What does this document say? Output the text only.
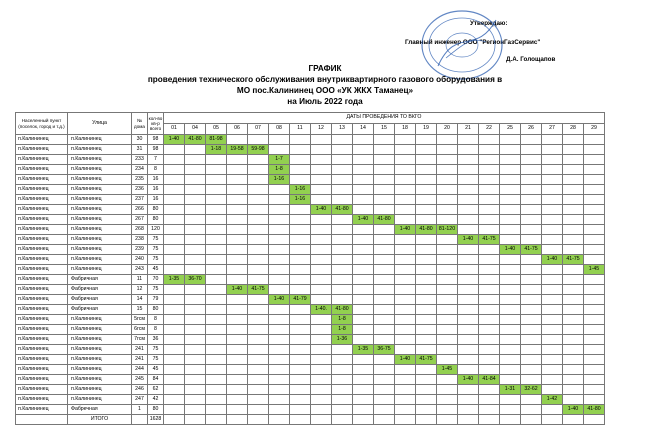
Утверждаю:
Главный инженер ООО "РегионГазСервис"
Д.А. Голощапов
ГРАФИК
проведения технического обслуживания внутриквартирного газового оборудования в
МО пос.Калининец ООО «УК ЖКХ Таманец»
на Июль 2022 года
Населенный пункт (поселок, город и т.д.)	Улица	№ дома	кол-во кв-р всего	ДАТЫ ПРОВЕДЕНИЯ ТО ВКГО																				
				01	04	05	06	07	08	11	12	13	14	15	18	19	20	21	22	25	26	27	28	29
п.Калининец	п.Калининец	30	98	1-40	41-80	81-98																		
п.Калининец	п.Калининец	31	98			1-18	19-58	59-98																
п.Калининец	п.Калининец	233	7						1-7															
п.Калининец	п.Калининец	234	8						1-8															
п.Калининец	п.Калининец	235	16						1-16															
п.Калининец	п.Калининец	236	16							1-16														
п.Калининец	п.Калининец	237	16							1-16														
п.Калининец	п.Калининец	266	80								1-40	41-80												
п.Калининец	п.Калининец	267	80										1-40	41-80										
п.Калининец	п.Калининец	268	120												1-40	41-80	81-120							
п.Калининец	п.Калининец	238	75															1-40	41-75					
п.Калининец	п.Калининец	239	75																	1-40	41-75			
п.Калининец	п.Калининец	240	75																			1-40	41-75	
п.Калининец	п.Калининец	243	45																					1-45
п.Калининец	Фабричная	11	70	1-35	36-70																			
п.Калининец	Фабричная	12	75				1-40	41-75																
п.Калининец	Фабричная	14	79						1-40	41-79														
п.Калининец	Фабричная	15	80								1-40.	41-80												
п.Калининец	п.Калининец	5гсм	8									1-8												
п.Калининец	п.Калининец	6гсм	8									1-8												
п.Калининец	п.Калининец	7гсм	36									1-36												
п.Калининец	п.Калининец	241	75										1-35	36-75										
п.Калининец	п.Калининец	241	75												1-40	41-75								
п.Калининец	п.Калининец	244	45														1-45							
п.Калининец	п.Калининец	245	84															1-40	41-84					
п.Калининец	п.Калининец	246	62																	1-31	32-62			
п.Калининец	п.Калининец	247	42																			1-42		
п.Калининец	Фабречная	1	80																				1-40	41-80
	ИТОГО		1628																					
